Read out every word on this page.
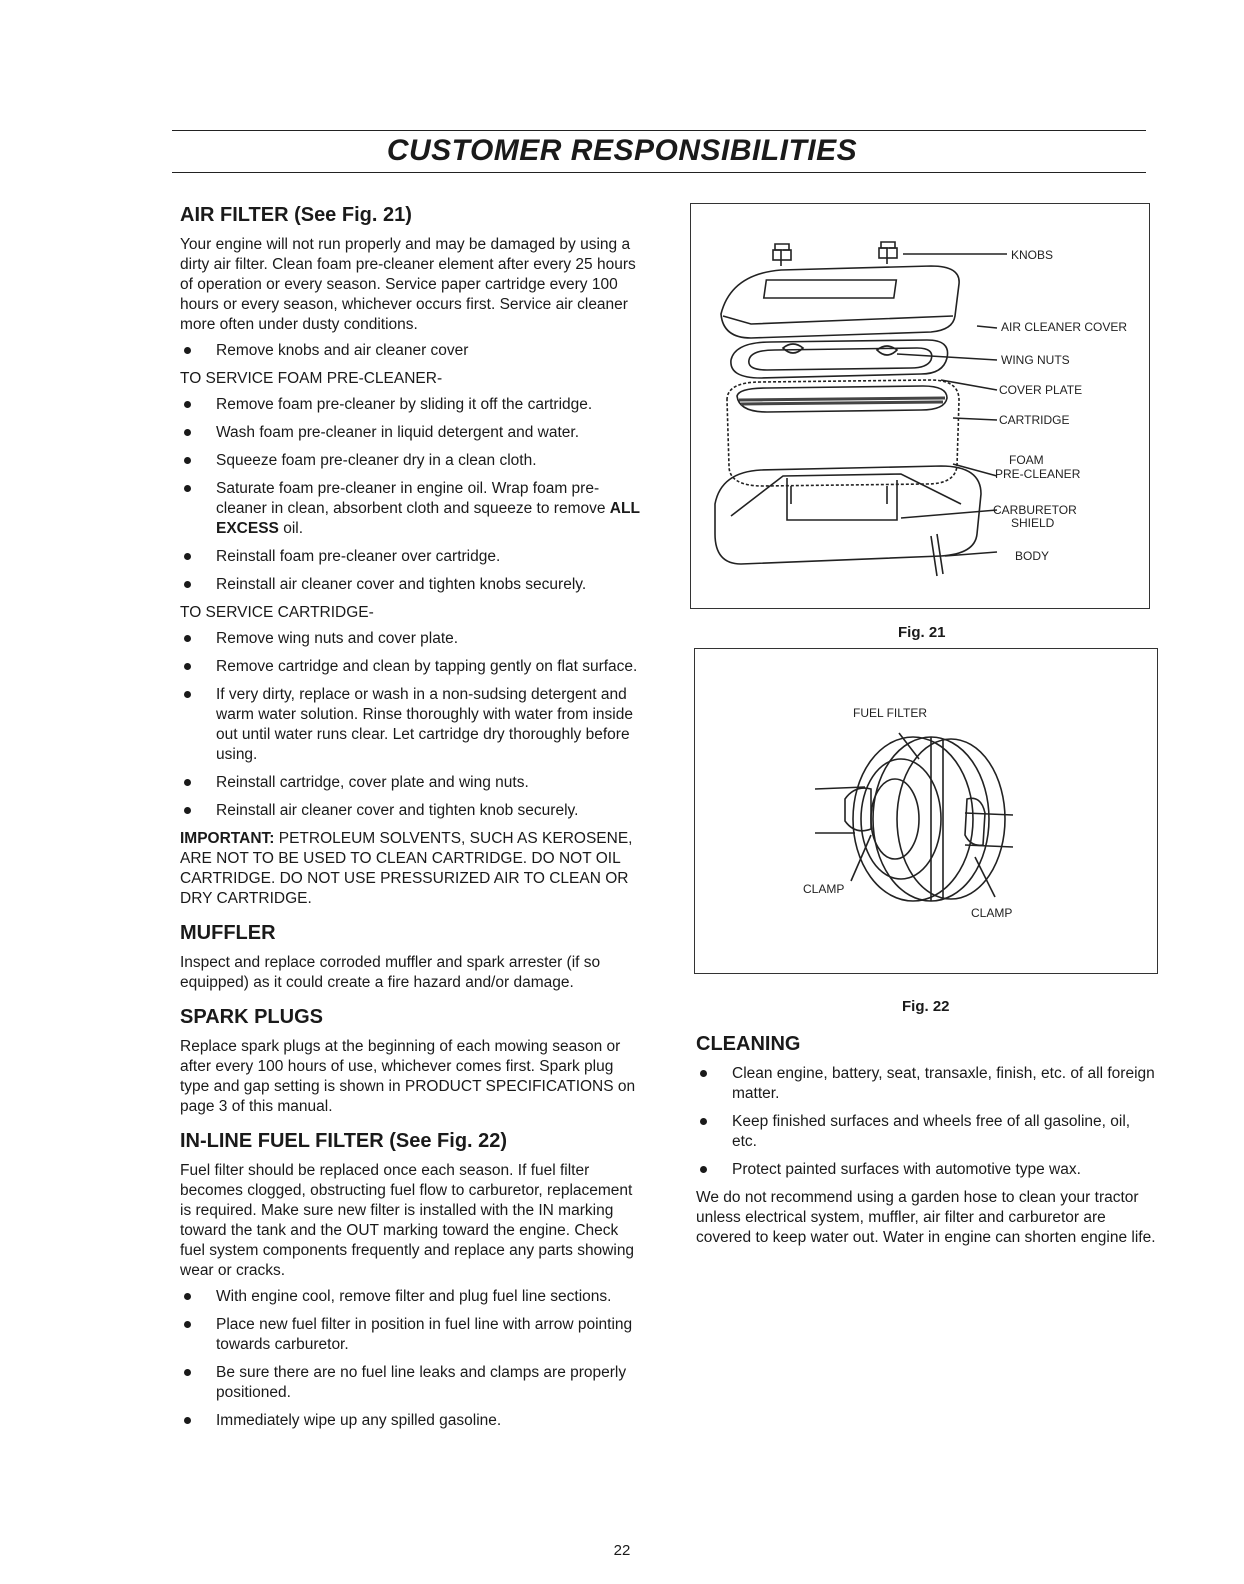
CUSTOMER RESPONSIBILITIES
AIR FILTER (See Fig. 21)

Your engine will not run properly and may be damaged by using a dirty air filter. Clean foam pre-cleaner element after every 25 hours of operation or every season. Service paper cartridge every 100 hours or every season, whichever occurs first. Service air cleaner more often under dusty conditions.

Remove knobs and air cleaner cover
TO SERVICE FOAM PRE-CLEANER-
Remove foam pre-cleaner by sliding it off the cartridge.
Wash foam pre-cleaner in liquid detergent and water.
Squeeze foam pre-cleaner dry in a clean cloth.
Saturate foam pre-cleaner in engine oil. Wrap foam pre-cleaner in clean, absorbent cloth and squeeze to remove ALL EXCESS oil.
Reinstall foam pre-cleaner over cartridge.
Reinstall air cleaner cover and tighten knobs securely.
TO SERVICE CARTRIDGE-
Remove wing nuts and cover plate.
Remove cartridge and clean by tapping gently on flat surface.
If very dirty, replace or wash in a non-sudsing detergent and warm water solution. Rinse thoroughly with water from inside out until water runs clear. Let cartridge dry thoroughly before using.
Reinstall cartridge, cover plate and wing nuts.
Reinstall air cleaner cover and tighten knob securely.
IMPORTANT: PETROLEUM SOLVENTS, SUCH AS KEROSENE, ARE NOT TO BE USED TO CLEAN CARTRIDGE. DO NOT OIL CARTRIDGE. DO NOT USE PRESSURIZED AIR TO CLEAN OR DRY CARTRIDGE.
MUFFLER

Inspect and replace corroded muffler and spark arrester (if so equipped) as it could create a fire hazard and/or damage.

SPARK PLUGS

Replace spark plugs at the beginning of each mowing season or after every 100 hours of use, whichever comes first. Spark plug type and gap setting is shown in PRODUCT SPECIFICATIONS on page 3 of this manual.

IN-LINE FUEL FILTER (See Fig. 22)

Fuel filter should be replaced once each season. If fuel filter becomes clogged, obstructing fuel flow to carburetor, replacement is required. Make sure new filter is installed with the IN marking toward the tank and the OUT marking toward the engine. Check fuel system components frequently and replace any parts showing wear or cracks.

With engine cool, remove filter and plug fuel line sections.
Place new fuel filter in position in fuel line with arrow pointing towards carburetor.
Be sure there are no fuel line leaks and clamps are properly positioned.
Immediately wipe up any spilled gasoline.
KNOBS
AIR CLEANER COVER
WING NUTS
COVER PLATE
CARTRIDGE
FOAM
PRE-CLEANER
CARBURETOR
SHIELD
BODY
Fig. 21
FUEL FILTER
CLAMP
CLAMP
Fig. 22
CLEANING
Clean engine, battery, seat, transaxle, finish, etc. of all foreign matter.
Keep finished surfaces and wheels free of all gasoline, oil, etc.
Protect painted surfaces with automotive type wax.

We do not recommend using a garden hose to clean your tractor unless electrical system, muffler, air filter and carburetor are covered to keep water out. Water in engine can shorten engine life.

22
